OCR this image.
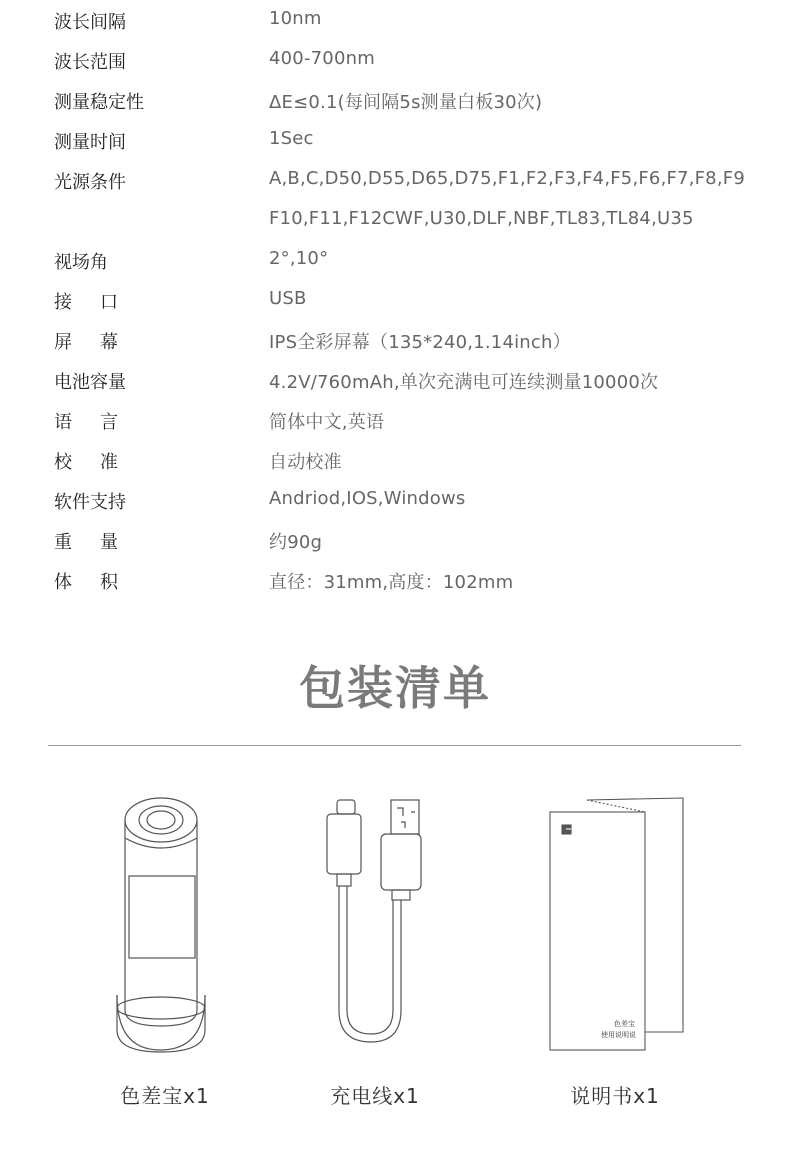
波长间隔	10nm
波长范围	400-700nm
测量稳定性	ΔE≤0.1(每间隔5s测量白板30次)
测量时间	1Sec
光源条件	A,B,C,D50,D55,D65,D75,F1,F2,F3,F4,F5,F6,F7,F8,F9
F10,F11,F12CWF,U30,DLF,NBF,TL83,TL84,U35
视场角	2°,10°
接口	USB
屏幕	IPS全彩屏幕（135*240,1.14inch）
电池容量	4.2V/760mAh,单次充满电可连续测量10000次
语言	简体中文,英语
校准	自动校准
软件支持	Andriod,IOS,Windows
重量	约90g
体积	直径：31mm,高度：102mm
包装清单
色差宝x1	充电线x1
色差宝
使用说明说
说明书x1
